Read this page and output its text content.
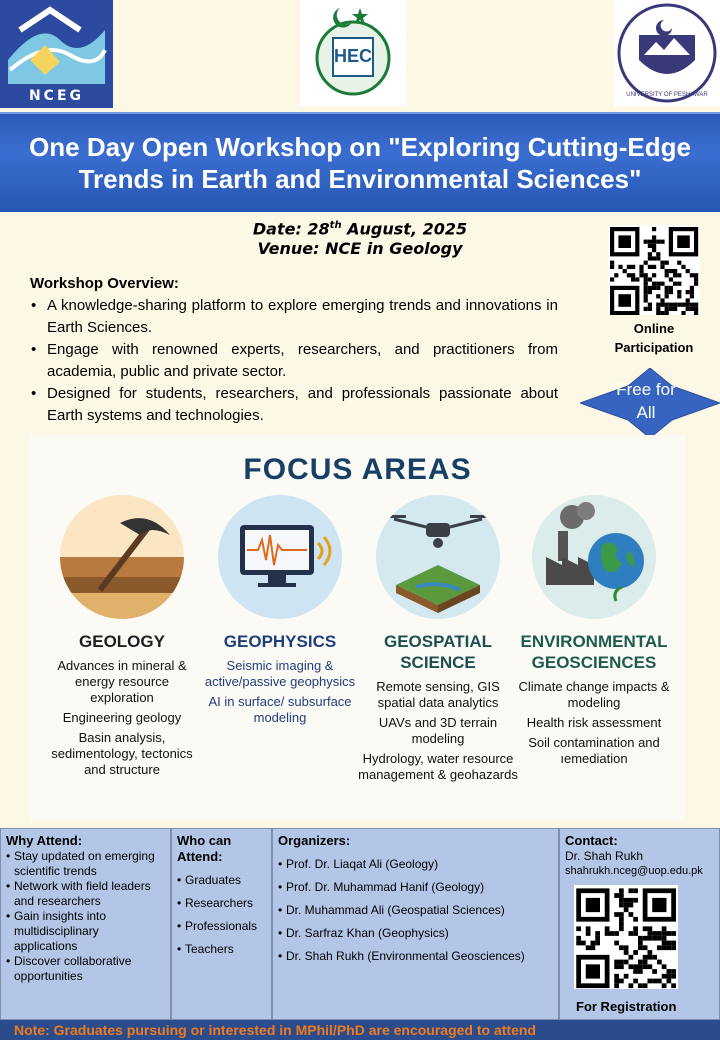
NCEG
HEC
UNIVERSITY OF PESHAWAR
One Day Open Workshop on "Exploring Cutting-Edge Trends in Earth and Environmental Sciences"
Date: 28th August, 2025
Venue: NCE in Geology
Online Participation
Free for All
Workshop Overview:
• A knowledge-sharing platform to explore emerging trends and innovations in Earth Sciences.
• Engage with renowned experts, researchers, and practitioners from academia, public and private sector.
• Designed for students, researchers, and professionals passionate about Earth systems and technologies.
FOCUS AREAS
GEOLOGY
Advances in mineral & energy resource exploration
Engineering geology
Basin analysis, sedimentology, tectonics and structure
GEOPHYSICS
Seismic imaging & active/passive geophysics
AI in surface/ subsurface modeling
GEOSPATIAL SCIENCE
Remote sensing, GIS spatial data analytics
UAVs and 3D terrain modeling
Hydrology, water resource management & geohazards
ENVIRONMENTAL GEOSCIENCES
Climate change impacts & modeling
Health risk assessment
Soil contamination and ıemediation
Why Attend:
• Stay updated on emerging scientific trends
• Network with field leaders and researchers
• Gain insights into multidisciplinary applications
• Discover collaborative opportunities
Who can Attend:
• Graduates
• Researchers
• Professionals
• Teachers
Organizers:
• Prof. Dr. Liaqat Ali (Geology)
• Prof. Dr. Muhammad Hanif (Geology)
• Dr. Muhammad Ali (Geospatial Sciences)
• Dr. Sarfraz Khan (Geophysics)
• Dr. Shah Rukh (Environmental Geosciences)
Contact:
Dr. Shah Rukh
shahrukh.nceg@uop.edu.pk
For Registration
Note: Graduates pursuing or interested in MPhil/PhD are encouraged to attend
